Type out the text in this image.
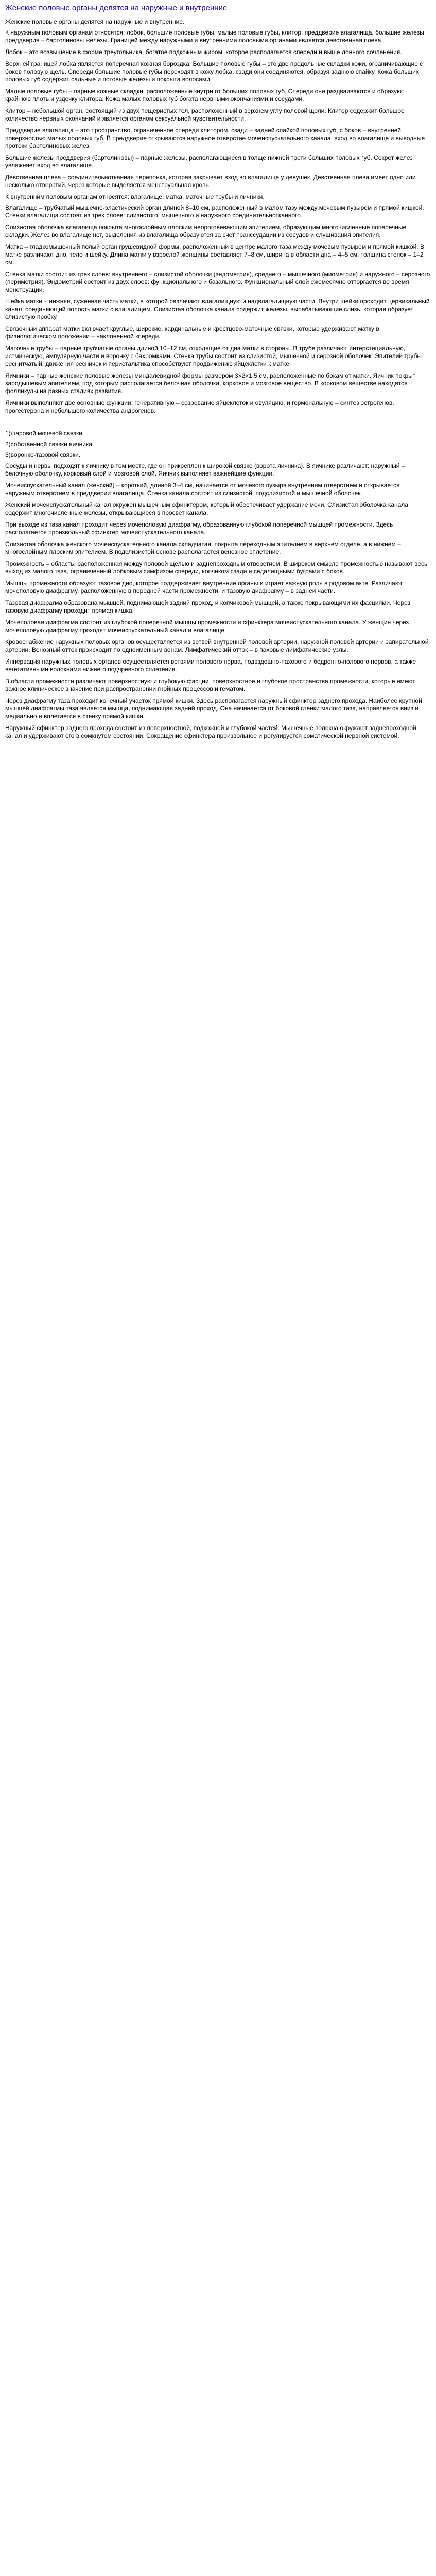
Женские половые органы делятся на наружные и внутренние
Женские половые органы делятся на наружные и внутренние.

К наружным половым органам относятся: лобок, большие половые губы, малые половые губы, клитор, преддверие влагалища, большие железы преддверия – бартолиновы железы. Границей между наружными и внутренними половыми органами является девственная плева.

Лобок – это возвышение в форме треугольника, богатое подкожным жиром, которое располагается спереди и выше лонного сочленения.

Верхней границей лобка является поперечная кожная бороздка. Большие половые губы – это две продольные складки кожи, ограничивающие с боков половую щель. Спереди большие половые губы переходят в кожу лобка, сзади они соединяются, образуя заднюю спайку. Кожа больших половых губ содержит сальные и потовые железы и покрыта волосами.

Малые половые губы – парные кожные складки, расположенные кнутри от больших половых губ. Спереди они раздваиваются и образуют крайнюю плоть и уздечку клитора. Кожа малых половых губ богата нервными окончаниями и сосудами.

Клитор – небольшой орган, состоящий из двух пещеристых тел, расположенный в верхнем углу половой щели. Клитор содержит большое количество нервных окончаний и является органом сексуальной чувствительности.

Преддверие влагалища – это пространство, ограниченное спереди клитором, сзади – задней спайкой половых губ, с боков – внутренней поверхностью малых половых губ. В преддверие открываются наружное отверстие мочеиспускательного канала, вход во влагалище и выводные протоки бартолиновых желез.

Большие железы преддверия (бартолиновы) – парные железы, располагающиеся в толще нижней трети больших половых губ. Секрет желез увлажняет вход во влагалище.

Девственная плева – соединительнотканная перепонка, которая закрывает вход во влагалище у девушек. Девственная плева имеет одно или несколько отверстий, через которые выделяется менструальная кровь.

К внутренним половым органам относятся: влагалище, матка, маточные трубы и яичники.

Влагалище – трубчатый мышечно-эластический орган длиной 8–10 см, расположенный в малом тазу между мочевым пузырем и прямой кишкой. Стенки влагалища состоят из трех слоев: слизистого, мышечного и наружного соединительнотканного.

Слизистая оболочка влагалища покрыта многослойным плоским неороговевающим эпителием, образующим многочисленные поперечные складки. Желез во влагалище нет, выделения из влагалища образуются за счет транссудации из сосудов и слущивания эпителия.

Матка – гладкомышечный полый орган грушевидной формы, расположенный в центре малого таза между мочевым пузырем и прямой кишкой. В матке различают дно, тело и шейку. Длина матки у взрослой женщины составляет 7–8 см, ширина в области дна – 4–5 см, толщина стенок – 1–2 см.

Стенка матки состоит из трех слоев: внутреннего – слизистой оболочки (эндометрия), среднего – мышечного (миометрия) и наружного – серозного (периметрия). Эндометрий состоит из двух слоев: функционального и базального. Функциональный слой ежемесячно отторгается во время менструации.

Шейка матки – нижняя, суженная часть матки, в которой различают влагалищную и надвлагалищную части. Внутри шейки проходит цервикальный канал, соединяющий полость матки с влагалищем. Слизистая оболочка канала содержит железы, вырабатывающие слизь, которая образует слизистую пробку.

Связочный аппарат матки включает круглые, широкие, кардинальные и крестцово-маточные связки, которые удерживают матку в физиологическом положении – наклоненной кпереди.

Маточные трубы – парные трубчатые органы длиной 10–12 см, отходящие от дна матки в стороны. В трубе различают интерстициальную, истмическую, ампулярную части и воронку с бахромками. Стенка трубы состоит из слизистой, мышечной и серозной оболочек. Эпителий трубы реснитчатый; движения ресничек и перистальтика способствуют продвижению яйцеклетки к матке.

Яичники – парные женские половые железы миндалевидной формы размером 3×2×1,5 см, расположенные по бокам от матки. Яичник покрыт зародышевым эпителием, под которым располагается белочная оболочка, корковое и мозговое вещество. В корковом веществе находятся фолликулы на разных стадиях развития.

Яичники выполняют две основные функции: генеративную – созревание яйцеклеток и овуляцию, и гормональную – синтез эстрогенов, прогестерона и небольшого количества андрогенов.

1)шаровой мочевой связки.
2)собственной связки яичника.
3)воронко-тазовой связки.

Сосуды и нервы подходят к яичнику в том месте, где он прикреплен к широкой связке (ворота яичника). В яичнике различают: наружный – белочную оболочку, корковый слой и мозговой слой. Яичник выполняет важнейшие функции.

Мочеиспускательный канал (женский) – короткий, длиной 3–4 см, начинается от мочевого пузыря внутренним отверстием и открывается наружным отверстием в преддверии влагалища. Стенка канала состоит из слизистой, подслизистой и мышечной оболочек.

Женский мочеиспускательный канал окружен мышечным сфинктером, который обеспечивает удержание мочи. Слизистая оболочка канала содержит многочисленные железы, открывающиеся в просвет канала.

При выходе из таза канал проходит через мочеполовую диафрагму, образованную глубокой поперечной мышцей промежности. Здесь располагается произвольный сфинктер мочеиспускательного канала.

Слизистая оболочка женского мочеиспускательного канала складчатая, покрыта переходным эпителием в верхнем отделе, а в нижнем – многослойным плоским эпителием. В подслизистой основе располагается венозное сплетение.

Промежность – область, расположенная между половой щелью и заднепроходным отверстием. В широком смысле промежностью называют весь выход из малого таза, ограниченный лобковым симфизом спереди, копчиком сзади и седалищными буграми с боков.

Мышцы промежности образуют тазовое дно, которое поддерживает внутренние органы и играет важную роль в родовом акте. Различают мочеполовую диафрагму, расположенную в передней части промежности, и тазовую диафрагму – в задней части.

Тазовая диафрагма образована мышцей, поднимающей задний проход, и копчиковой мышцей, а также покрывающими их фасциями. Через тазовую диафрагму проходит прямая кишка.

Мочеполовая диафрагма состоит из глубокой поперечной мышцы промежности и сфинктера мочеиспускательного канала. У женщин через мочеполовую диафрагму проходят мочеиспускательный канал и влагалище.

Кровоснабжение наружных половых органов осуществляется из ветвей внутренней половой артерии, наружной половой артерии и запирательной артерии. Венозный отток происходит по одноименным венам. Лимфатический отток – в паховые лимфатические узлы.

Иннервация наружных половых органов осуществляется ветвями полового нерва, подвздошно-пахового и бедренно-полового нервов, а также вегетативными волокнами нижнего подчревного сплетения.

В области промежности различают поверхностную и глубокую фасции, поверхностное и глубокое пространства промежности, которые имеют важное клиническое значение при распространении гнойных процессов и гематом.

Через диафрагму таза проходит конечный участок прямой кишки. Здесь располагается наружный сфинктер заднего прохода. Наиболее крупной мышцей диафрагмы таза является мышца, поднимающая задний проход. Она начинается от боковой стенки малого таза, направляется вниз и медиально и вплетается в стенку прямой кишки.

Наружный сфинктер заднего прохода состоит из поверхностной, подкожной и глубокой частей. Мышечные волокна окружают заднепроходной канал и удерживают его в сомкнутом состоянии. Сокращение сфинктера произвольное и регулируется соматической нервной системой.
